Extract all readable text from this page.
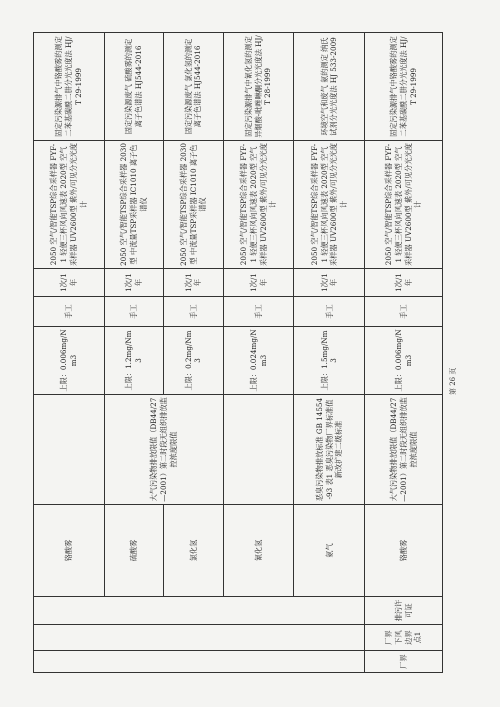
			铬酸雾		上限：0.006mg/Nm3	手工	1次/1年	2050 空气/智能TSP综合采样器 FYF-1 轻便三杯风向风速表 2020型 空气采样器 UV2600型 紫外/可见分光光度计	固定污染源排气中铬酸雾的测定 二苯基碳酰二肼分光光度法 HJ/T 29-1999
			硫酸雾	大气污染物排放限值（DB44/27—2001）第二时段无组织排放监控浓度限值	上限：1.2mg/Nm3	手工	1次/1年	2050 空气/智能TSP综合采样器 2030型 中流量TSP采样器 IC1010 离子色谱仪	固定污染源废气 硫酸雾的测定 离子色谱法 HJ544-2016
			氯化氢		上限：0.2mg/Nm3	手工	1次/1年	2050 空气/智能TSP综合采样器 2030型 中流量TSP采样器 IC1010 离子色谱仪	固定污染源废气 氯化氢的测定 离子色谱法 HJ544-2016
			氰化氢		上限：0.024mg/Nm3	手工	1次/1年	2050 空气/智能TSP综合采样器 FYF-1 轻便三杯风向风速表 2020型 空气采样器 UV2600型 紫外/可见分光光度计	固定污染源排气中氰化氢的测定 异烟酸-吡唑啉酮分光光度法 HJ/T 28-1999
			氨气	恶臭污染物排放标准 GB 14554-93 表1 恶臭污染物厂界标准值新改扩建二级标准	上限：1.5mg/Nm3	手工	1次/1年	2050 空气/智能TSP综合采样器 FYF-1 轻便三杯风向风速表 2020型 空气采样器 UV2600型 紫外/可见分光光度计	环境空气和废气 氨的测定 纳氏试剂分光光度法 HJ 533-2009
厂界	厂界下风边界点1	排污许可证	铬酸雾	大气污染物排放限值（DB44/27—2001）第二时段无组织排放监控浓度限值	上限：0.006mg/Nm3	手工	1次/1年	2050 空气/智能TSP综合采样器 FYF-1 轻便三杯风向风速表 2020型 空气采样器 UV2600型 紫外/可见分光光度计	固定污染源排气中铬酸雾的测定 二苯基碳酰二肼分光光度法 HJ/T 29-1999
第 26 页
